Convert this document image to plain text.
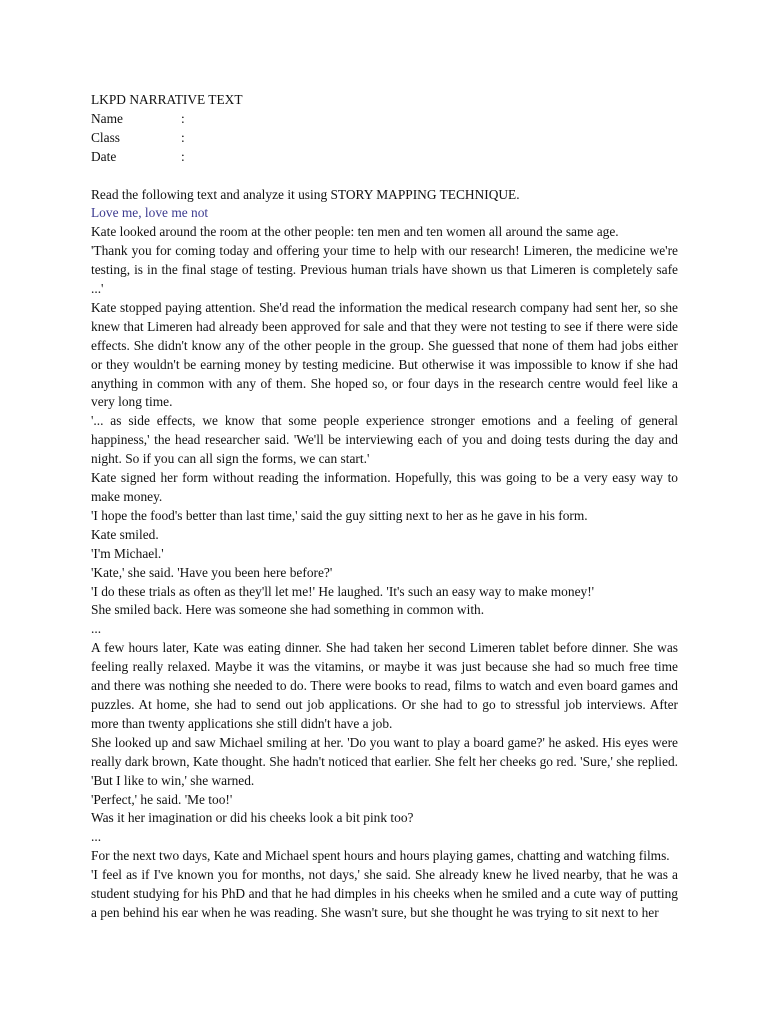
LKPD NARRATIVE TEXT

Name	:
Class	:
Date	:

Read the following text and analyze it using STORY MAPPING TECHNIQUE.

Love me, love me not

Kate looked around the room at the other people: ten men and ten women all around the same age.

'Thank you for coming today and offering your time to help with our research! Limeren, the medicine we're testing, is in the final stage of testing. Previous human trials have shown us that Limeren is completely safe ...'

Kate stopped paying attention. She'd read the information the medical research company had sent her, so she knew that Limeren had already been approved for sale and that they were not testing to see if there were side effects. She didn't know any of the other people in the group. She guessed that none of them had jobs either or they wouldn't be earning money by testing medicine. But otherwise it was impossible to know if she had anything in common with any of them. She hoped so, or four days in the research centre would feel like a very long time.

'... as side effects, we know that some people experience stronger emotions and a feeling of general happiness,' the head researcher said. 'We'll be interviewing each of you and doing tests during the day and night. So if you can all sign the forms, we can start.'

Kate signed her form without reading the information. Hopefully, this was going to be a very easy way to make money.

'I hope the food's better than last time,' said the guy sitting next to her as he gave in his form.

Kate smiled.

'I'm Michael.'

'Kate,' she said. 'Have you been here before?'

'I do these trials as often as they'll let me!' He laughed. 'It's such an easy way to make money!'

She smiled back. Here was someone she had something in common with.

...

A few hours later, Kate was eating dinner. She had taken her second Limeren tablet before dinner. She was feeling really relaxed. Maybe it was the vitamins, or maybe it was just because she had so much free time and there was nothing she needed to do. There were books to read, films to watch and even board games and puzzles. At home, she had to send out job applications. Or she had to go to stressful job interviews. After more than twenty applications she still didn't have a job.

She looked up and saw Michael smiling at her. 'Do you want to play a board game?' he asked. His eyes were really dark brown, Kate thought. She hadn't noticed that earlier. She felt her cheeks go red. 'Sure,' she replied. 'But I like to win,' she warned.

'Perfect,' he said. 'Me too!'

Was it her imagination or did his cheeks look a bit pink too?

...

For the next two days, Kate and Michael spent hours and hours playing games, chatting and watching films.

'I feel as if I've known you for months, not days,' she said. She already knew he lived nearby, that he was a student studying for his PhD and that he had dimples in his cheeks when he smiled and a cute way of putting a pen behind his ear when he was reading. She wasn't sure, but she thought he was trying to sit next to her
